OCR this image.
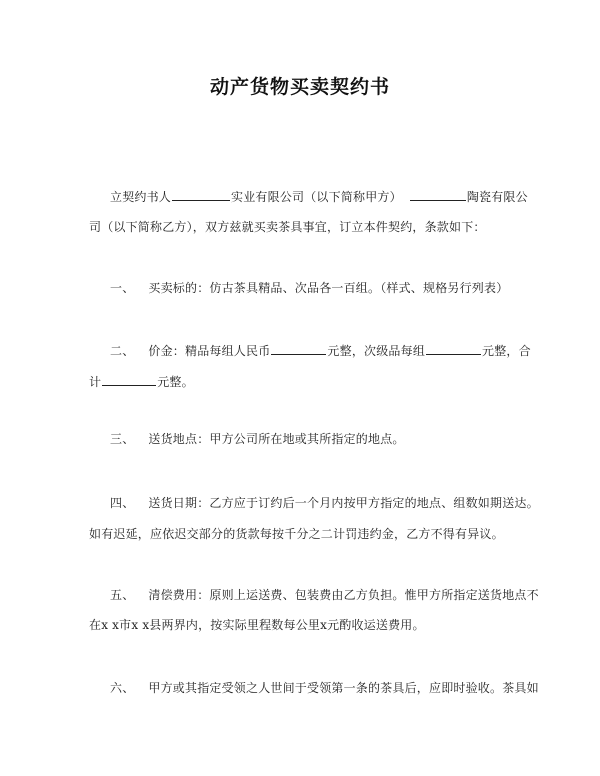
动产货物买卖契约书
立契约书人	实业有限公司（以下简称甲方）	陶瓷有限公
司（以下简称乙方），双方兹就买卖茶具事宜，订立本件契约，条款如下：
一、 买卖标的：仿古茶具精品、次品各一百组。（样式、规格另行列表）
二、 价金：精品每组人民币	元整，次级品每组	元整，合
计	元整。
三、 送货地点：甲方公司所在地或其所指定的地点。
四、 送货日期：乙方应于订约后一个月内按甲方指定的地点、组数如期送达。
如有迟延，应依迟交部分的货款每按千分之二计罚违约金，乙方不得有异议。
五、 清偿费用：原则上运送费、包装费由乙方负担。惟甲方所指定送货地点不
在x x市x x县两界内，按实际里程数每公里x元酌收运送费用。
六、 甲方或其指定受领之人世间于受领第一条的茶具后，应即时验收。茶具如
